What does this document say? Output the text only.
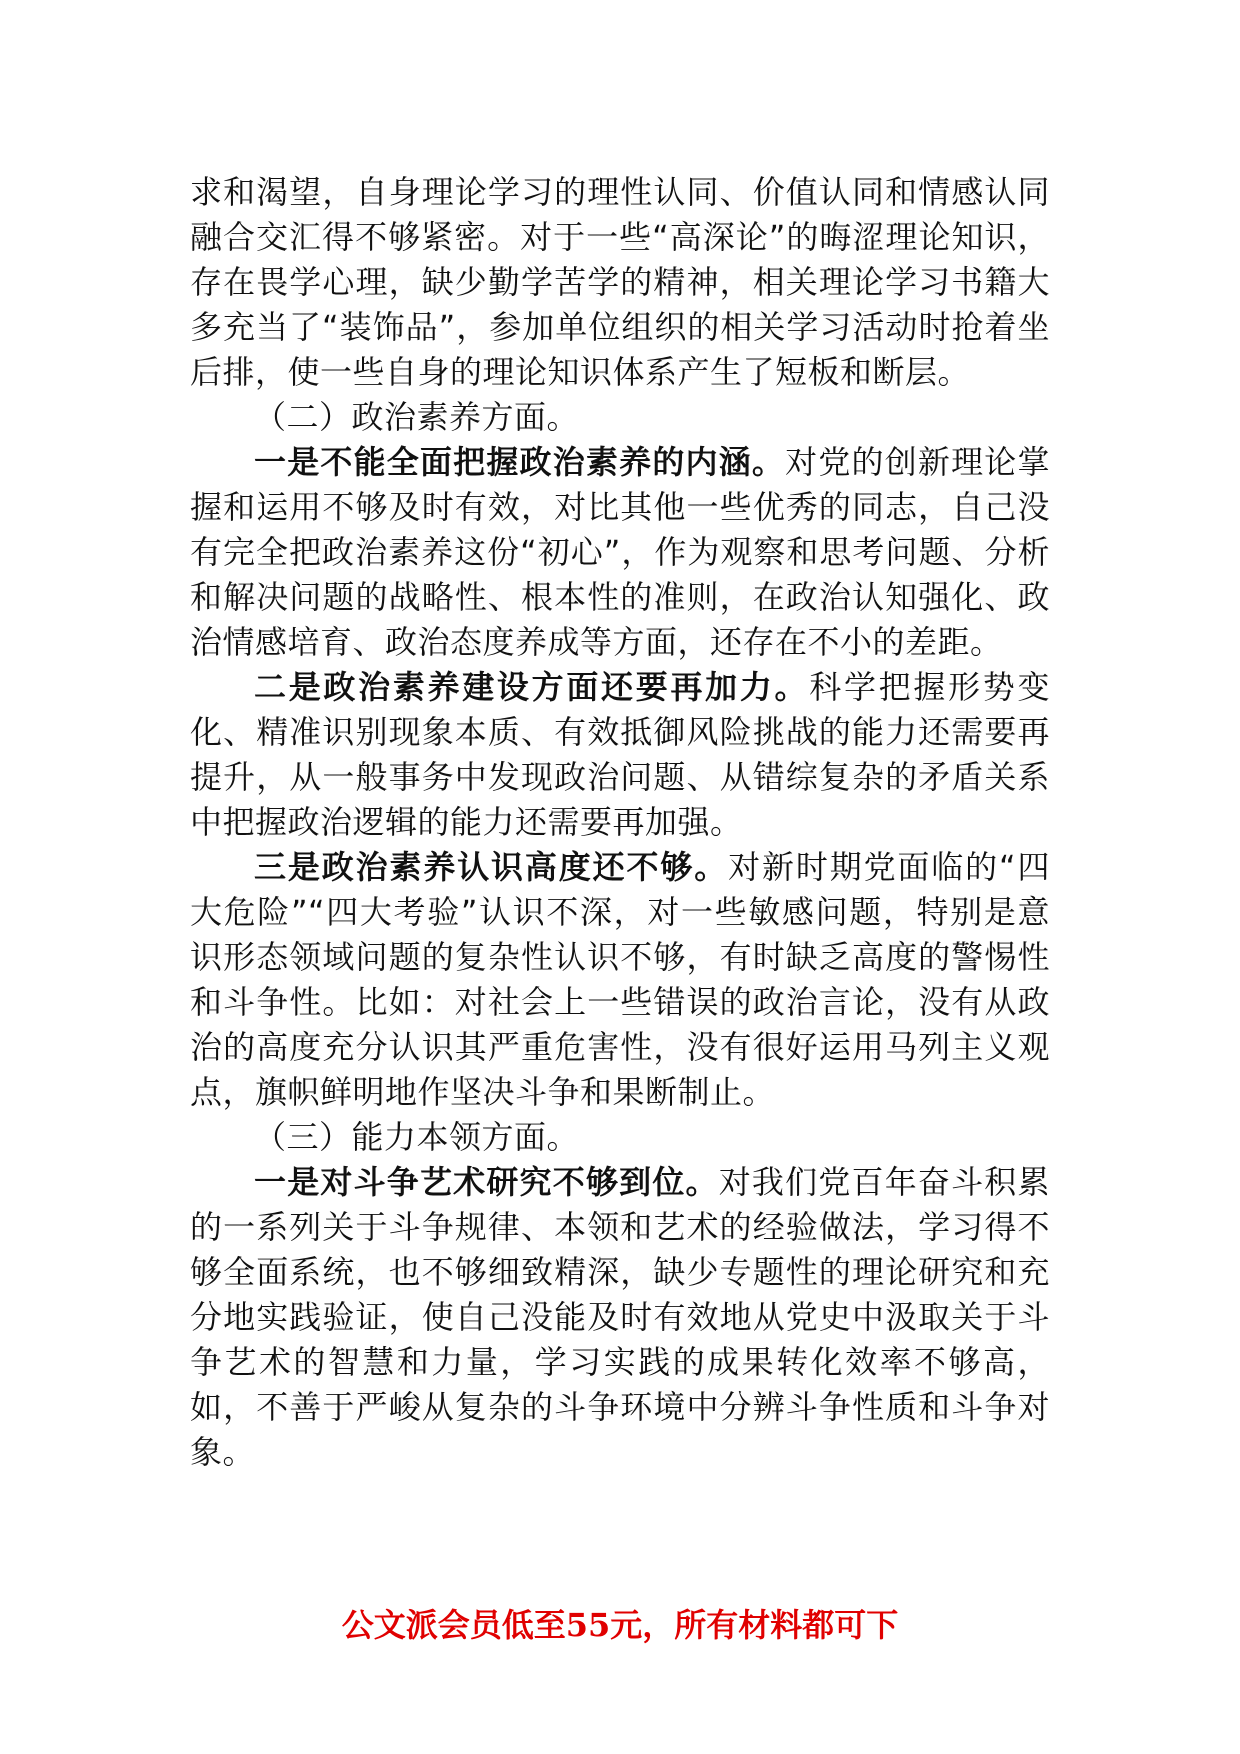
求和渴望，自身理论学习的理性认同、价值认同和情感认同融合交汇得不够紧密。对于一些“高深论”的晦涩理论知识，存在畏学心理，缺少勤学苦学的精神，相关理论学习书籍大多充当了“装饰品”，参加单位组织的相关学习活动时抢着坐后排，使一些自身的理论知识体系产生了短板和断层。

（二）政治素养方面。

一是不能全面把握政治素养的内涵。对党的创新理论掌握和运用不够及时有效，对比其他一些优秀的同志，自己没有完全把政治素养这份“初心”，作为观察和思考问题、分析和解决问题的战略性、根本性的准则，在政治认知强化、政治情感培育、政治态度养成等方面，还存在不小的差距。

二是政治素养建设方面还要再加力。科学把握形势变化、精准识别现象本质、有效抵御风险挑战的能力还需要再提升，从一般事务中发现政治问题、从错综复杂的矛盾关系中把握政治逻辑的能力还需要再加强。

三是政治素养认识高度还不够。对新时期党面临的“四大危险”“四大考验”认识不深，对一些敏感问题，特别是意识形态领域问题的复杂性认识不够，有时缺乏高度的警惕性和斗争性。比如：对社会上一些错误的政治言论，没有从政治的高度充分认识其严重危害性，没有很好运用马列主义观点，旗帜鲜明地作坚决斗争和果断制止。

（三）能力本领方面。

一是对斗争艺术研究不够到位。对我们党百年奋斗积累的一系列关于斗争规律、本领和艺术的经验做法，学习得不够全面系统，也不够细致精深，缺少专题性的理论研究和充分地实践验证，使自己没能及时有效地从党史中汲取关于斗争艺术的智慧和力量，学习实践的成果转化效率不够高，如，不善于严峻从复杂的斗争环境中分辨斗争性质和斗争对象。

公文派会员低至55元，所有材料都可下
